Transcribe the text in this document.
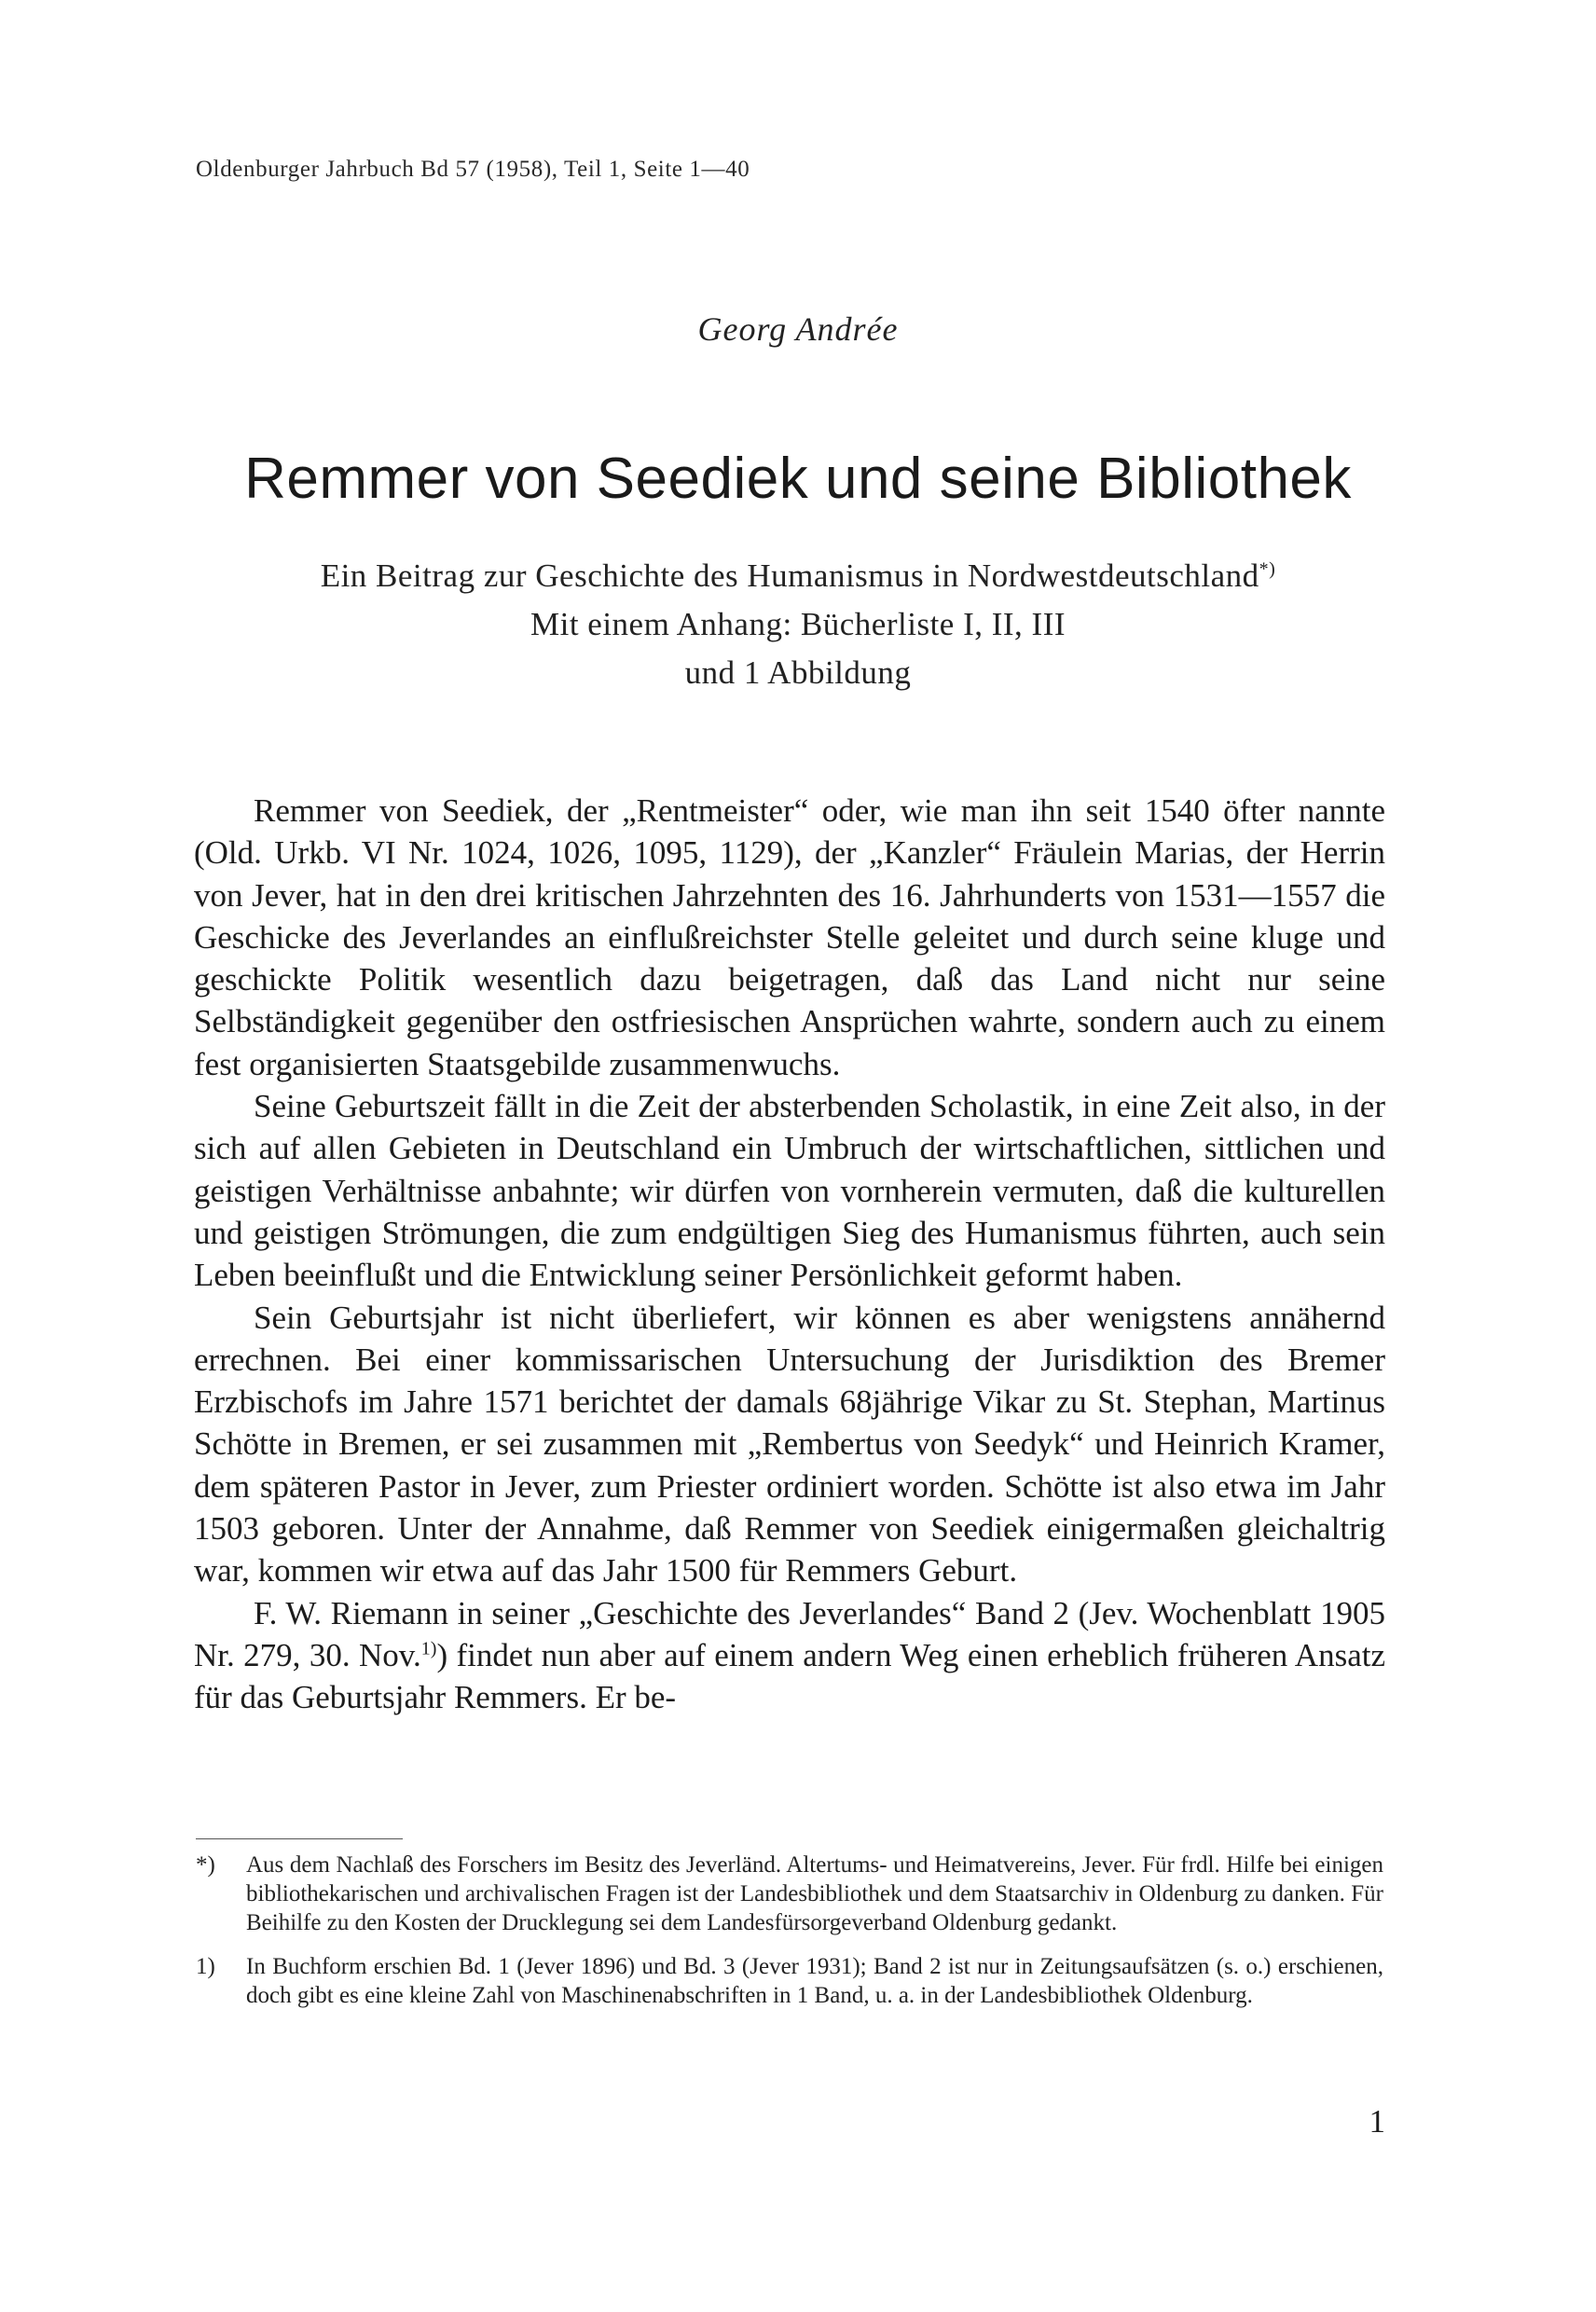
Oldenburger Jahrbuch Bd 57 (1958), Teil 1, Seite 1—40
Georg Andrée
Remmer von Seediek und seine Bibliothek
Ein Beitrag zur Geschichte des Humanismus in Nordwestdeutschland*)
Mit einem Anhang: Bücherliste I, II, III
und 1 Abbildung

Remmer von Seediek, der „Rentmeister“ oder, wie man ihn seit 1540 öfter nannte (Old. Urkb. VI Nr. 1024, 1026, 1095, 1129), der „Kanzler“ Fräulein Marias, der Herrin von Jever, hat in den drei kritischen Jahrzehnten des 16. Jahrhunderts von 1531—1557 die Geschicke des Jeverlandes an einflußreichster Stelle geleitet und durch seine kluge und geschickte Politik wesentlich dazu beigetragen, daß das Land nicht nur seine Selbständigkeit gegenüber den ostfriesischen Ansprüchen wahrte, sondern auch zu einem fest organisierten Staatsgebilde zusammenwuchs.

Seine Geburtszeit fällt in die Zeit der absterbenden Scholastik, in eine Zeit also, in der sich auf allen Gebieten in Deutschland ein Umbruch der wirtschaftlichen, sittlichen und geistigen Verhältnisse anbahnte; wir dürfen von vornherein vermuten, daß die kulturellen und geistigen Strömungen, die zum endgültigen Sieg des Humanismus führten, auch sein Leben beeinflußt und die Entwicklung seiner Persönlichkeit geformt haben.

Sein Geburtsjahr ist nicht überliefert, wir können es aber wenigstens annähernd errechnen. Bei einer kommissarischen Untersuchung der Jurisdiktion des Bremer Erzbischofs im Jahre 1571 berichtet der damals 68jährige Vikar zu St. Stephan, Martinus Schötte in Bremen, er sei zusammen mit „Rembertus von Seedyk“ und Heinrich Kramer, dem späteren Pastor in Jever, zum Priester ordiniert worden. Schötte ist also etwa im Jahr 1503 geboren. Unter der Annahme, daß Remmer von Seediek einigermaßen gleichaltrig war, kommen wir etwa auf das Jahr 1500 für Remmers Geburt.

F. W. Riemann in seiner „Geschichte des Jeverlandes“ Band 2 (Jev. Wochenblatt 1905 Nr. 279, 30. Nov.$^{1)}$) findet nun aber auf einem andern Weg einen erheblich früheren Ansatz für das Geburtsjahr Remmers. Er be-

*)	Aus dem Nachlaß des Forschers im Besitz des Jeverländ. Altertums- und Heimatvereins, Jever. Für frdl. Hilfe bei einigen bibliothekarischen und archivalischen Fragen ist der Landesbibliothek und dem Staatsarchiv in Oldenburg zu danken. Für Beihilfe zu den Kosten der Drucklegung sei dem Landesfürsorgeverband Oldenburg gedankt.
1)	In Buchform erschien Bd. 1 (Jever 1896) und Bd. 3 (Jever 1931); Band 2 ist nur in Zeitungsaufsätzen (s. o.) erschienen, doch gibt es eine kleine Zahl von Maschinenabschriften in 1 Band, u. a. in der Landesbibliothek Oldenburg.
1
